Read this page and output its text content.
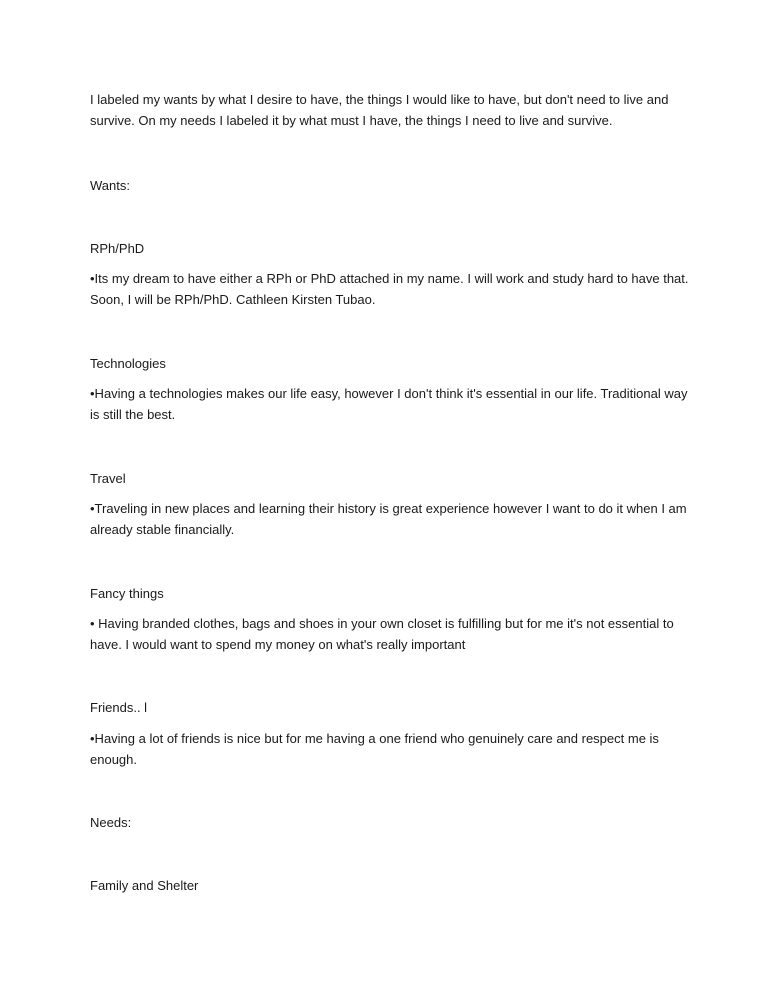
I labeled my wants by what I desire to have, the things I would like to have, but don't need to live and survive. On my needs I labeled it by what must I have, the things I need to live and survive.

Wants:

RPh/PhD

•Its my dream to have either a RPh or PhD attached in my name. I will work and study hard to have that. Soon, I will be RPh/PhD. Cathleen Kirsten Tubao.

Technologies

•Having a technologies makes our life easy, however I don't think it's essential in our life. Traditional way is still the best.

Travel

•Traveling in new places and learning their history is great experience however I want to do it when I am already stable financially.

Fancy things

• Having branded clothes, bags and shoes in your own closet is fulfilling but for me it's not essential to have. I would want to spend my money on what's really important

Friends.. l

•Having a lot of friends is nice but for me having a one friend who genuinely care and respect me is enough.

Needs:

Family and Shelter
